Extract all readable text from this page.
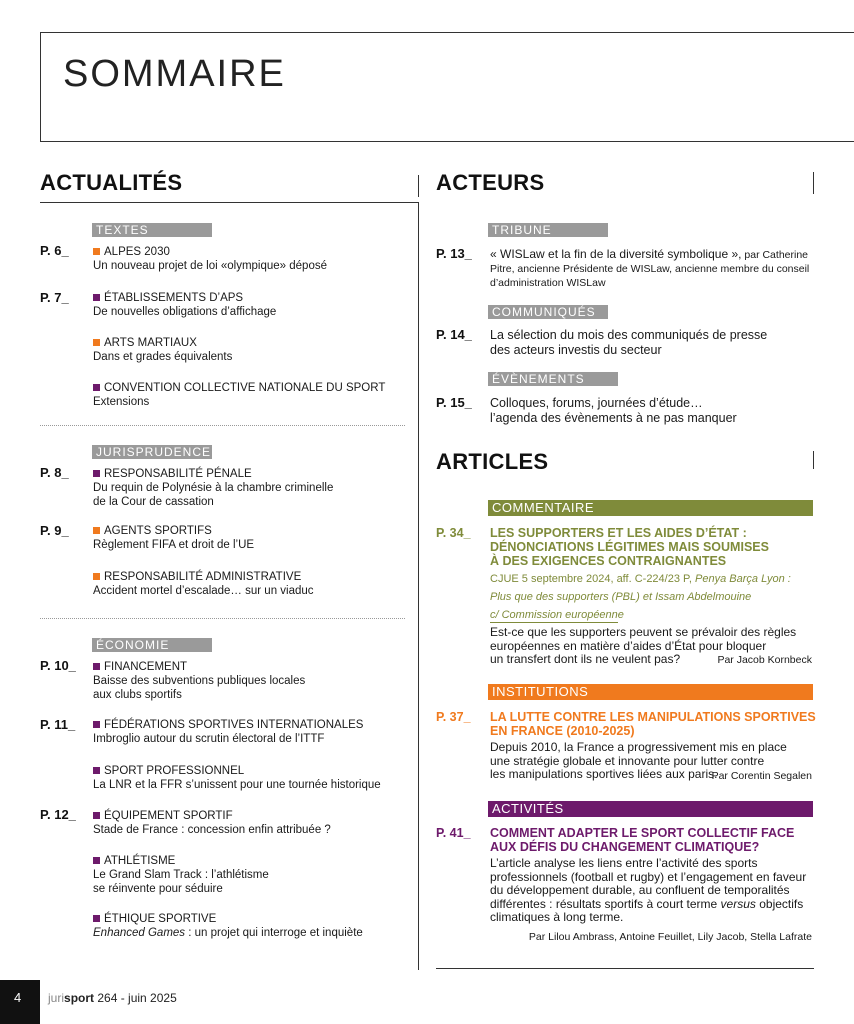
SOMMAIRE
ACTUALITÉS
TEXTES
P. 6_	ALPES 2030
Un nouveau projet de loi «olympique» déposé
P. 7_	ÉTABLISSEMENTS D’APS
De nouvelles obligations d’affichage
ARTS MARTIAUX
Dans et grades équivalents
CONVENTION COLLECTIVE NATIONALE DU SPORT
Extensions
JURISPRUDENCE
P. 8_	RESPONSABILITÉ PÉNALE
Du requin de Polynésie à la chambre criminelle
de la Cour de cassation
P. 9_	AGENTS SPORTIFS
Règlement FIFA et droit de l’UE
RESPONSABILITÉ ADMINISTRATIVE
Accident mortel d’escalade… sur un viaduc
ÉCONOMIE
P. 10_	FINANCEMENT
Baisse des subventions publiques locales
aux clubs sportifs
P. 11_	FÉDÉRATIONS SPORTIVES INTERNATIONALES
Imbroglio autour du scrutin électoral de l’ITTF
SPORT PROFESSIONNEL
La LNR et la FFR s’unissent pour une tournée historique
P. 12_	ÉQUIPEMENT SPORTIF
Stade de France : concession enfin attribuée ?
ATHLÉTISME
Le Grand Slam Track : l’athlétisme
se réinvente pour séduire
ÉTHIQUE SPORTIVE
Enhanced Games : un projet qui interroge et inquiète
ACTEURS
TRIBUNE
P. 13_ « WISLaw et la fin de la diversité symbolique », par Catherine
Pitre, ancienne Présidente de WISLaw, ancienne membre du conseil
d’administration WISLaw
COMMUNIQUÉS
P. 14_ La sélection du mois des communiqués de presse
des acteurs investis du secteur
ÉVÈNEMENTS
P. 15_ Colloques, forums, journées d’étude…
l’agenda des évènements à ne pas manquer
ARTICLES
COMMENTAIRE
P. 34_ LES SUPPORTERS ET LES AIDES D’ÉTAT :
DÉNONCIATIONS LÉGITIMES MAIS SOUMISES
À DES EXIGENCES CONTRAIGNANTES
CJUE 5 septembre 2024, aff. C-224/23 P, Penya Barça Lyon :
Plus que des supporters (PBL) et Issam Abdelmouine
c/ Commission européenne
Est-ce que les supporters peuvent se prévaloir des règles
européennes en matière d’aides d’État pour bloquer
un transfert dont ils ne veulent pas?	Par Jacob Kornbeck
INSTITUTIONS
P. 37_ LA LUTTE CONTRE LES MANIPULATIONS SPORTIVES
EN FRANCE (2010-2025)
Depuis 2010, la France a progressivement mis en place
une stratégie globale et innovante pour lutter contre
les manipulations sportives liées aux paris.
Par Corentin Segalen
ACTIVITÉS
P. 41_ COMMENT ADAPTER LE SPORT COLLECTIF FACE
AUX DÉFIS DU CHANGEMENT CLIMATIQUE?
L’article analyse les liens entre l’activité des sports
professionnels (football et rugby) et l’engagement en faveur
du développement durable, au confluent de temporalités
différentes : résultats sportifs à court terme versus objectifs
climatiques à long terme.
Par Lilou Ambrass, Antoine Feuillet, Lily Jacob, Stella Lafrate
4	jurisport 264 - juin 2025
